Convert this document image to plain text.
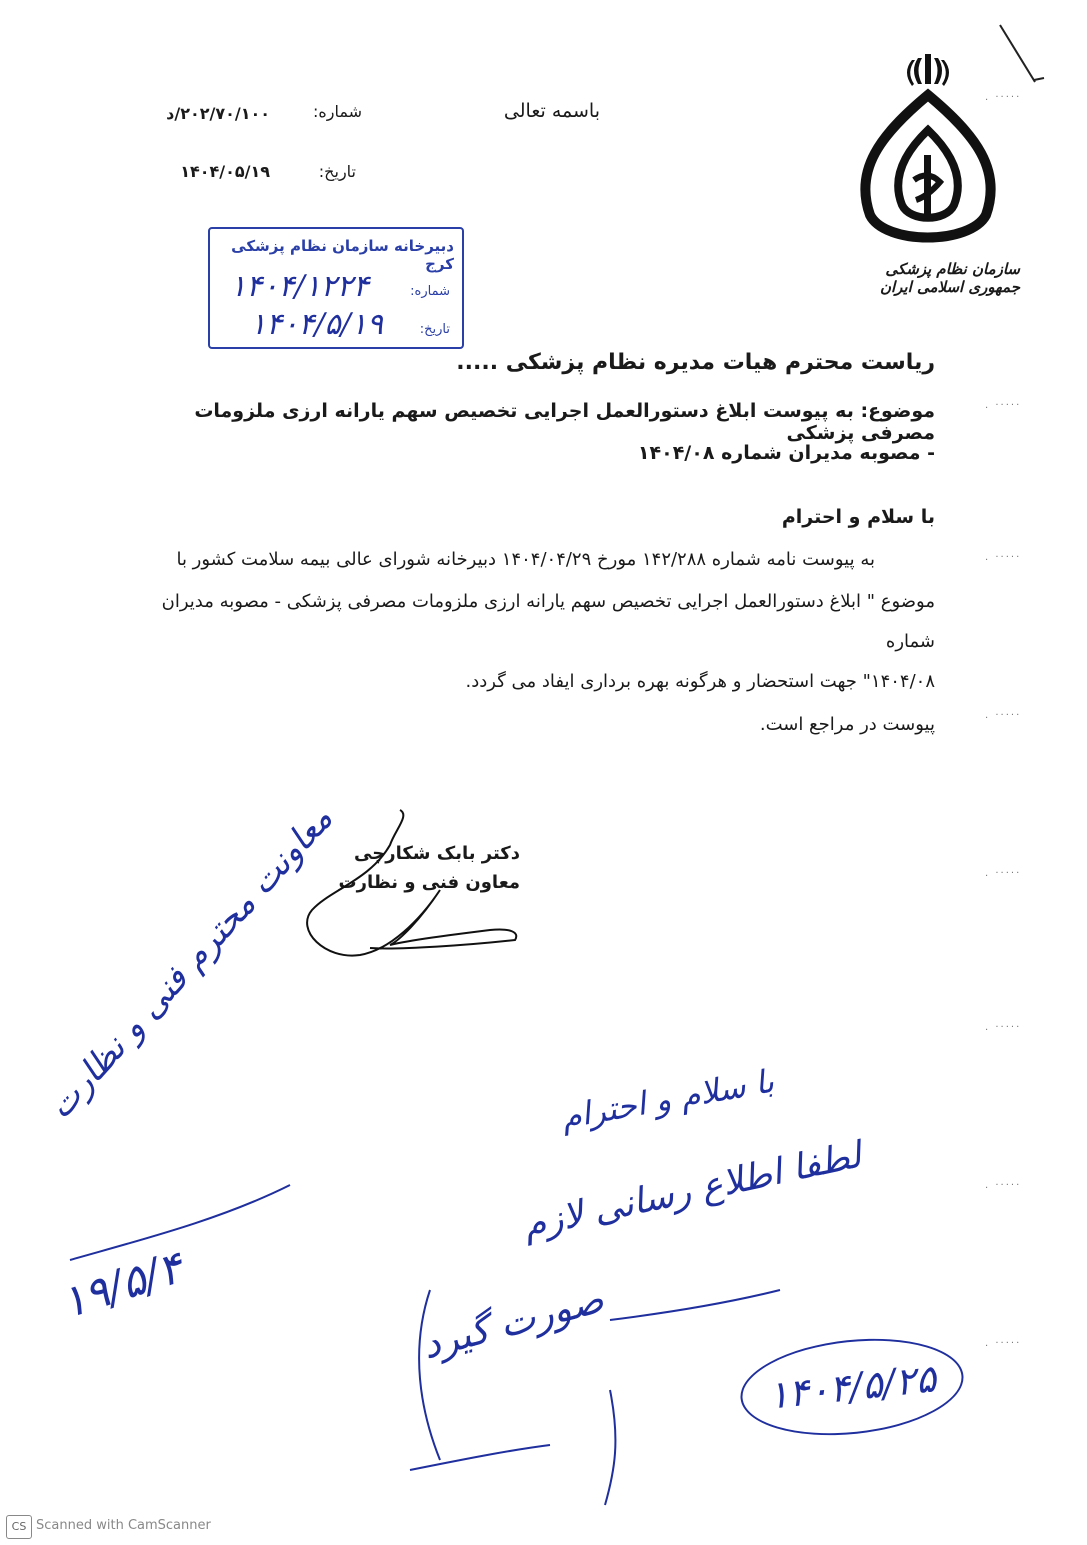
باسمه تعالی
شماره:
۲۰۲/۷۰/۱۰۰/د
تاریخ:
۱۴۰۴/۰۵/۱۹
سازمان نظام پزشکی جمهوری اسلامی ایران
دبیرخانه سازمان نظام پزشکی کرج
شماره:
۱۴۰۴/۱۲۲۴
تاریخ:
۱۴۰۴/۵/۱۹
ریاست محترم هیات مدیره نظام پزشکی .....
موضوع: به پیوست ابلاغ دستورالعمل اجرایی تخصیص سهم یارانه ارزی ملزومات مصرفی پزشکی
- مصوبه مدیران شماره ۱۴۰۴/۰۸
با سلام و احترام
به پیوست نامه شماره ۱۴۲/۲۸۸ مورخ ۱۴۰۴/۰۴/۲۹ دبیرخانه شورای عالی بیمه سلامت کشور با
موضوع " ابلاغ دستورالعمل اجرایی تخصیص سهم یارانه ارزی ملزومات مصرفی پزشکی - مصوبه مدیران شماره
۱۴۰۴/۰۸" جهت استحضار و هرگونه بهره برداری ایفاد می گردد.
پیوست در مراجع است.
دکتر بابک شکارچی
معاون فنی و نظارت
معاونت محترم فنی و نظارت
۱۹/۵/۴
با سلام و احترام
لطفا اطلاع رسانی لازم
صورت گیرد
۱۴۰۴/۵/۲۵
. ‧‧‧‧‧
. ‧‧‧‧‧
. ‧‧‧‧‧
. ‧‧‧‧‧
. ‧‧‧‧‧
. ‧‧‧‧‧
. ‧‧‧‧‧
. ‧‧‧‧‧
CS Scanned with CamScanner
